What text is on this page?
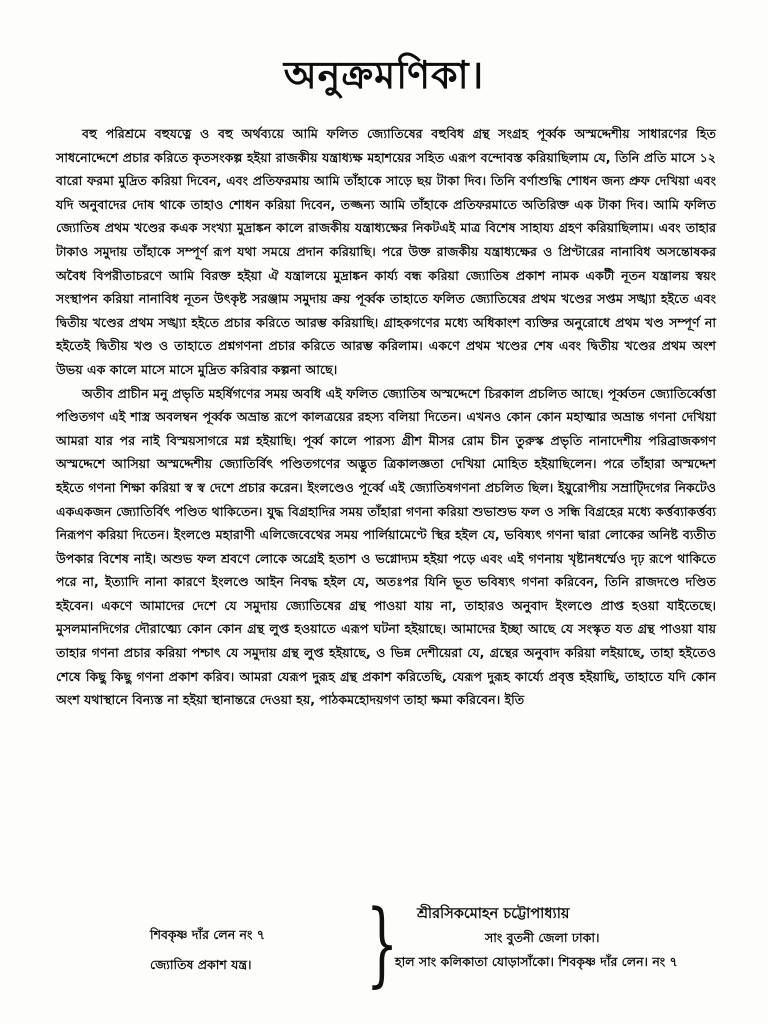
অনুক্রমণিকা।

বহু পরিশ্রমে বহুযত্নে ও বহু অর্থব্যয়ে আমি ফলিত জ্যোতিষের বহুবিধ গ্রন্থ সংগ্রহ পূর্ব্বক অস্মদ্দেশীয় সাধারণের হিত সাধনোদ্দেশে প্রচার করিতে কৃতসংকল্প হইয়া রাজকীয় যন্ত্রাধ্যক্ষ মহাশয়ের সহিত এরূপ বন্দোবস্ত করিয়াছিলাম যে, তিনি প্রতি মাসে ১২ বারো ফরমা মুদ্রিত করিয়া দিবেন, এবং প্রতিফরমায় আমি তাঁহাকে সাড়ে ছয় টাকা দিব। তিনি বর্ণাশুদ্ধি শোধন জন্য প্রুফ দেখিয়া এবং যদি অনুবাদের দোষ থাকে তাহাও শোধন করিয়া দিবেন, তজ্জন্য আমি তাঁহাকে প্রতিফরমাতে অতিরিক্ত এক টাকা দিব। আমি ফলিত জ্যোতিষ প্রথম খণ্ডের কএক সংখ্যা মুদ্রাঙ্কন কালে রাজকীয় যন্ত্রাধ্যক্ষের নিকটএই মাত্র বিশেষ সাহায্য গ্রহণ করিয়াছিলাম। এবং তাহার টাকাও সমুদায় তাঁহাকে সম্পূর্ণ রূপ যথা সময়ে প্রদান করিয়াছি। পরে উক্ত রাজকীয় যন্ত্রাধ্যক্ষের ও প্রিণ্টারের নানাবিধ অসন্তোষকর অবৈধ বিপরীতাচরণে আমি বিরক্ত হইয়া ঐ যন্ত্রালয়ে মুদ্রাঙ্কন কার্য্য বন্ধ করিয়া জ্যোতিষ প্রকাশ নামক একটী নূতন যন্ত্রালয় স্বয়ং সংস্থাপন করিয়া নানাবিধ নূতন উৎকৃষ্ট সরঞ্জাম সমুদায় ক্রয় পূর্ব্বক তাহাতে ফলিত জ্যোতিষের প্রথম খণ্ডের সপ্তম সঙ্খ্যা হইতে এবং দ্বিতীয় খণ্ডের প্রথম সঙ্খ্যা হইতে প্রচার করিতে আরম্ভ করিয়াছি। গ্রাহকগণের মধ্যে অধিকাংশ ব্যক্তির অনুরোধে প্রথম খণ্ড সম্পূর্ণ না হইতেই দ্বিতীয় খণ্ড ও তাহাতে প্রশ্নগণনা প্রচার করিতে আরম্ভ করিলাম। একণে প্রথম খণ্ডের শেষ এবং দ্বিতীয় খণ্ডের প্রথম অংশ উভয় এক কালে মাসে মাসে মুদ্রিত করিবার কল্পনা আছে।

অতীব প্রাচীন মনু প্রভৃতি মহর্ষিগণের সময় অবধি এই ফলিত জ্যোতিষ অস্মদ্দেশে চিরকাল প্রচলিত আছে। পূর্ব্বতন জ্যোতির্ব্বেত্তা পণ্ডিতগণ এই শাস্ত্র অবলম্বন পূর্ব্বক অভ্রান্ত রূপে কালত্রয়ের রহস্য বলিয়া দিতেন। এখনও কোন কোন মহাত্মার অভ্রান্ত গণনা দেখিয়া আমরা যার পর নাই বিস্ময়সাগরে মগ্ন হইয়াছি। পূর্ব্ব কালে পারস্য গ্রীশ মীসর রোম চীন তুরুস্ক প্রভৃতি নানাদেশীয় পরিব্রাজকগণ অস্মদ্দেশে আসিয়া অস্মদ্দেশীয় জ্যোতির্বিৎ পণ্ডিতগণের অদ্ভুত ত্রিকালজ্ঞতা দেখিয়া মোহিত হইয়াছিলেন। পরে তাঁহারা অস্মদ্দেশ হইতে গণনা শিক্ষা করিয়া স্ব স্ব দেশে প্রচার করেন। ইংলণ্ডেও পূর্ব্বে এই জ্যোতিষগণনা প্রচলিত ছিল। ইয়ুরোপীয় সম্রাট্দিগের নিকটেও একএকজন জ্যোতির্বিৎ পণ্ডিত থাকিতেন। যুদ্ধ বিগ্রহাদির সময় তাঁহারা গণনা করিয়া শুভাশুভ ফল ও সন্ধি বিগ্রহের মধ্যে কর্ত্তব্যাকর্ত্তব্য নিরূপণ করিয়া দিতেন। ইংলণ্ডে মহারাণী এলিজেবেথের সময় পার্লিয়ামেণ্টে স্থির হইল যে, ভবিষ্যৎ গণনা দ্বারা লোকের অনিষ্ট ব্যতীত উপকার বিশেষ নাই। অশুভ ফল শ্রবণে লোকে অগ্রেই হতাশ ও ভগ্নোদ্যম হইয়া পড়ে এবং এই গণনায় খৃষ্টানধর্ম্মেও দৃঢ় রূপে থাকিতে পরে না, ইত্যাদি নানা কারণে ইংলণ্ডে আইন নিবদ্ধ হইল যে, অতঃপর যিনি ভূত ভবিষ্যৎ গণনা করিবেন, তিনি রাজদণ্ডে দণ্ডিত হইবেন। একণে আমাদের দেশে যে সমুদায় জ্যোতিষের গ্রন্থ পাওয়া যায় না, তাহারও অনুবাদ ইংলণ্ডে প্রাপ্ত হওয়া যাইতেছে। মুসলমানদিগের দৌরাত্ম্যে কোন কোন গ্রন্থ লুপ্ত হওয়াতে এরূপ ঘটনা হইয়াছে। আমাদের ইচ্ছা আছে যে সংস্কৃত যত গ্রন্থ পাওয়া যায় তাহার গণনা প্রচার করিয়া পশ্চাৎ যে সমুদায় গ্রন্থ লুপ্ত হইয়াছে, ও ভিন্ন দেশীয়েরা যে, গ্রন্থের অনুবাদ করিয়া লইয়াছে, তাহা হইতেও শেষে কিছু কিছু গণনা প্রকাশ করিব। আমরা যেরূপ দুরূহ গ্রন্থ প্রকাশ করিতেছি, যেরূপ দুরূহ কার্য্যে প্রবৃত্ত হইয়াছি, তাহাতে যদি কোন অংশ যথাস্থানে বিন্যস্ত না হইয়া স্থানান্তরে দেওয়া হয়, পাঠকমহোদয়গণ তাহা ক্ষমা করিবেন। ইতি

শিবকৃষ্ণ দাঁর লেন নং ৭
জ্যোতিষ প্রকাশ যন্ত্র।	}	শ্রীরসিকমোহন চট্টোপাধ্যায়
সাং বুতনী জেলা ঢাকা।
হাল সাং কলিকাতা যোড়াসাঁকো। শিবকৃষ্ণ দাঁর লেন। নং ৭
